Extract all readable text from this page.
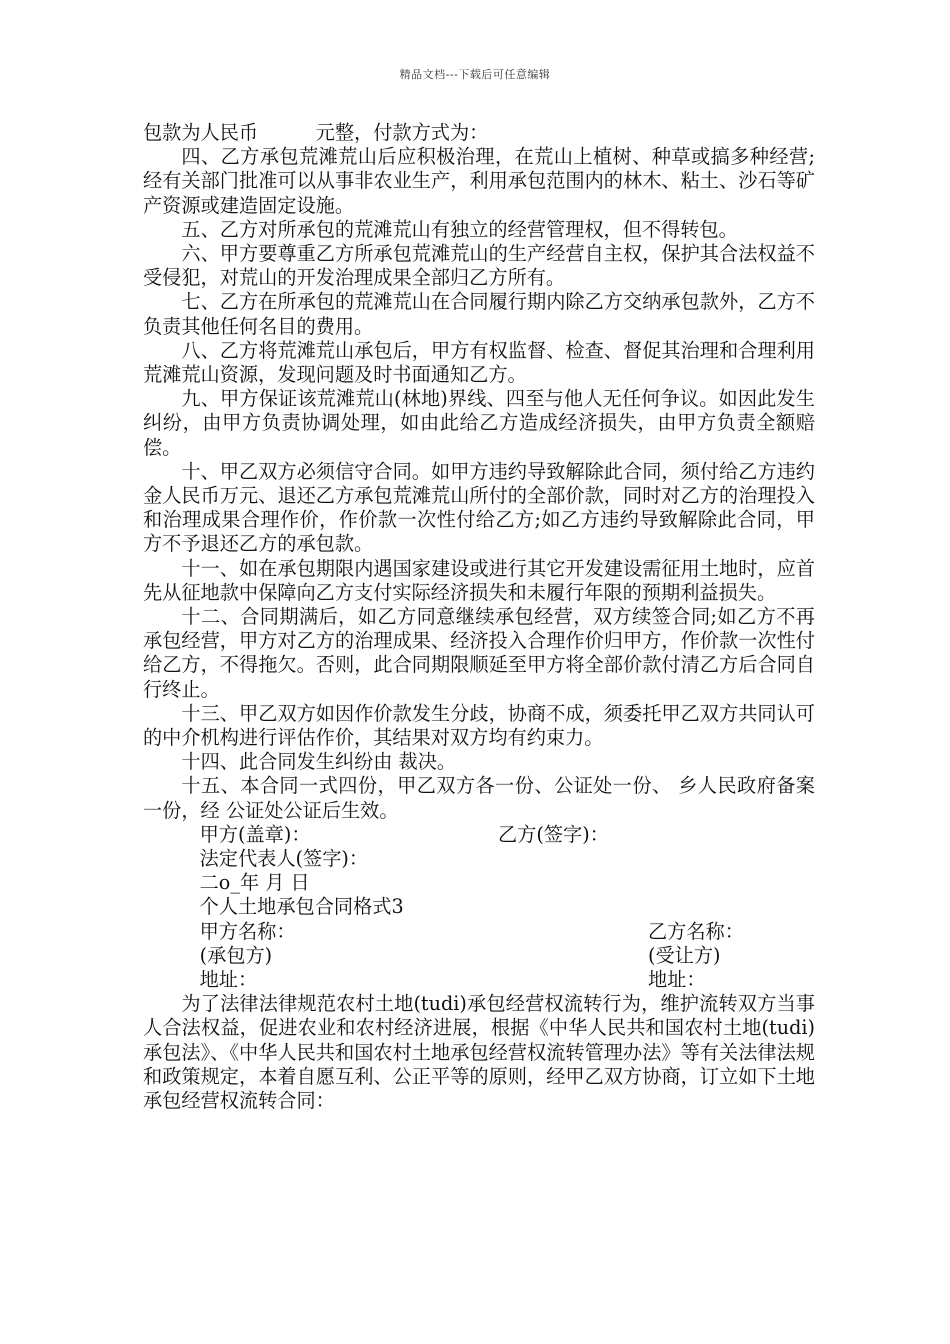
精品文档---下载后可任意编辑

包款为人民币　　　元整，付款方式为：

四、乙方承包荒滩荒山后应积极治理，在荒山上植树、种草或搞多种经营;经有关部门批准可以从事非农业生产，利用承包范围内的林木、粘土、沙石等矿产资源或建造固定设施。

五、乙方对所承包的荒滩荒山有独立的经营管理权，但不得转包。

六、甲方要尊重乙方所承包荒滩荒山的生产经营自主权，保护其合法权益不受侵犯，对荒山的开发治理成果全部归乙方所有。

七、乙方在所承包的荒滩荒山在合同履行期内除乙方交纳承包款外，乙方不负责其他任何名目的费用。

八、乙方将荒滩荒山承包后，甲方有权监督、检查、督促其治理和合理利用荒滩荒山资源，发现问题及时书面通知乙方。

九、甲方保证该荒滩荒山(林地)界线、四至与他人无任何争议。如因此发生纠纷，由甲方负责协调处理，如由此给乙方造成经济损失，由甲方负责全额赔偿。

十、甲乙双方必须信守合同。如甲方违约导致解除此合同，须付给乙方违约金人民币万元、退还乙方承包荒滩荒山所付的全部价款，同时对乙方的治理投入和治理成果合理作价，作价款一次性付给乙方;如乙方违约导致解除此合同，甲方不予退还乙方的承包款。

十一、如在承包期限内遇国家建设或进行其它开发建设需征用土地时，应首先从征地款中保障向乙方支付实际经济损失和未履行年限的预期利益损失。

十二、合同期满后，如乙方同意继续承包经营，双方续签合同;如乙方不再承包经营，甲方对乙方的治理成果、经济投入合理作价归甲方，作价款一次性付给乙方，不得拖欠。否则，此合同期限顺延至甲方将全部价款付清乙方后合同自行终止。

十三、甲乙双方如因作价款发生分歧，协商不成，须委托甲乙双方共同认可的中介机构进行评估作价，其结果对双方均有约束力。

十四、此合同发生纠纷由 裁决。

十五、本合同一式四份，甲乙双方各一份、公证处一份、 乡人民政府备案一份，经 公证处公证后生效。

甲方(盖章)：	乙方(签字)：

法定代表人(签字)：

二o_年 月 日

个人土地承包合同格式3

甲方名称：	乙方名称：
(承包方)	(受让方)
地址：	地址：

为了法律法律规范农村土地(tudi)承包经营权流转行为，维护流转双方当事人合法权益，促进农业和农村经济进展，根据《中华人民共和国农村土地(tudi)承包法》、《中华人民共和国农村土地承包经营权流转管理办法》等有关法律法规和政策规定，本着自愿互利、公正平等的原则，经甲乙双方协商，订立如下土地承包经营权流转合同：
